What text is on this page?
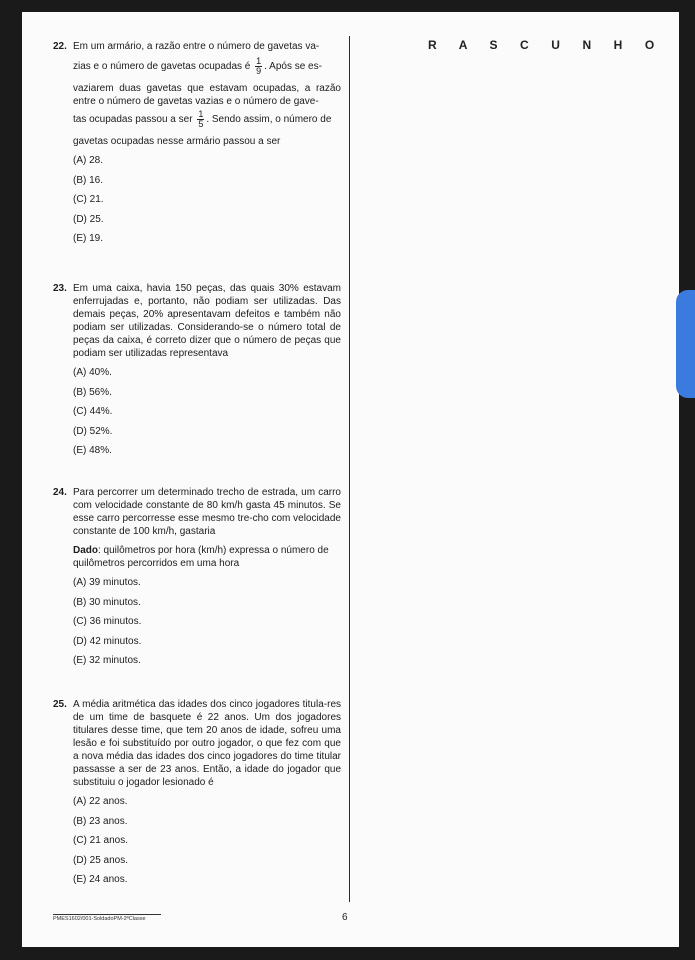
R A S C U N H O
22. Em um armário, a razão entre o número de gavetas va-

zias e o número de gavetas ocupadas é $\frac{1}{9}$ . Após se es-

vaziarem duas gavetas que estavam ocupadas, a razão entre o número de gavetas vazias e o número de gave-

tas ocupadas passou a ser $\frac{1}{5}$ . Sendo assim, o número de

gavetas ocupadas nesse armário passou a ser

(A) 28.
(B) 16.
(C) 21.
(D) 25.
(E) 19.
23. Em uma caixa, havia 150 peças, das quais 30% estavam enferrujadas e, portanto, não podiam ser utilizadas. Das demais peças, 20% apresentavam defeitos e também não podiam ser utilizadas. Considerando-se o número total de peças da caixa, é correto dizer que o número de peças que podiam ser utilizadas representava
(A) 40%.
(B) 56%.
(C) 44%.
(D) 52%.
(E) 48%.
24. Para percorrer um determinado trecho de estrada, um carro com velocidade constante de 80 km/h gasta 45 minutos. Se esse carro percorresse esse mesmo tre-cho com velocidade constante de 100 km/h, gastaria

Dado: quilômetros por hora (km/h) expressa o número de quilômetros percorridos em uma hora

(A) 39 minutos.
(B) 30 minutos.
(C) 36 minutos.
(D) 42 minutos.
(E) 32 minutos.
25. A média aritmética das idades dos cinco jogadores titula-res de um time de basquete é 22 anos. Um dos jogadores titulares desse time, que tem 20 anos de idade, sofreu uma lesão e foi substituído por outro jogador, o que fez com que a nova média das idades dos cinco jogadores do time titular passasse a ser de 23 anos. Então, a idade do jogador que substituiu o jogador lesionado é
(A) 22 anos.
(B) 23 anos.
(C) 21 anos.
(D) 25 anos.
(E) 24 anos.
PMES1602/001-SoldadoPM-2ªClasse	6
